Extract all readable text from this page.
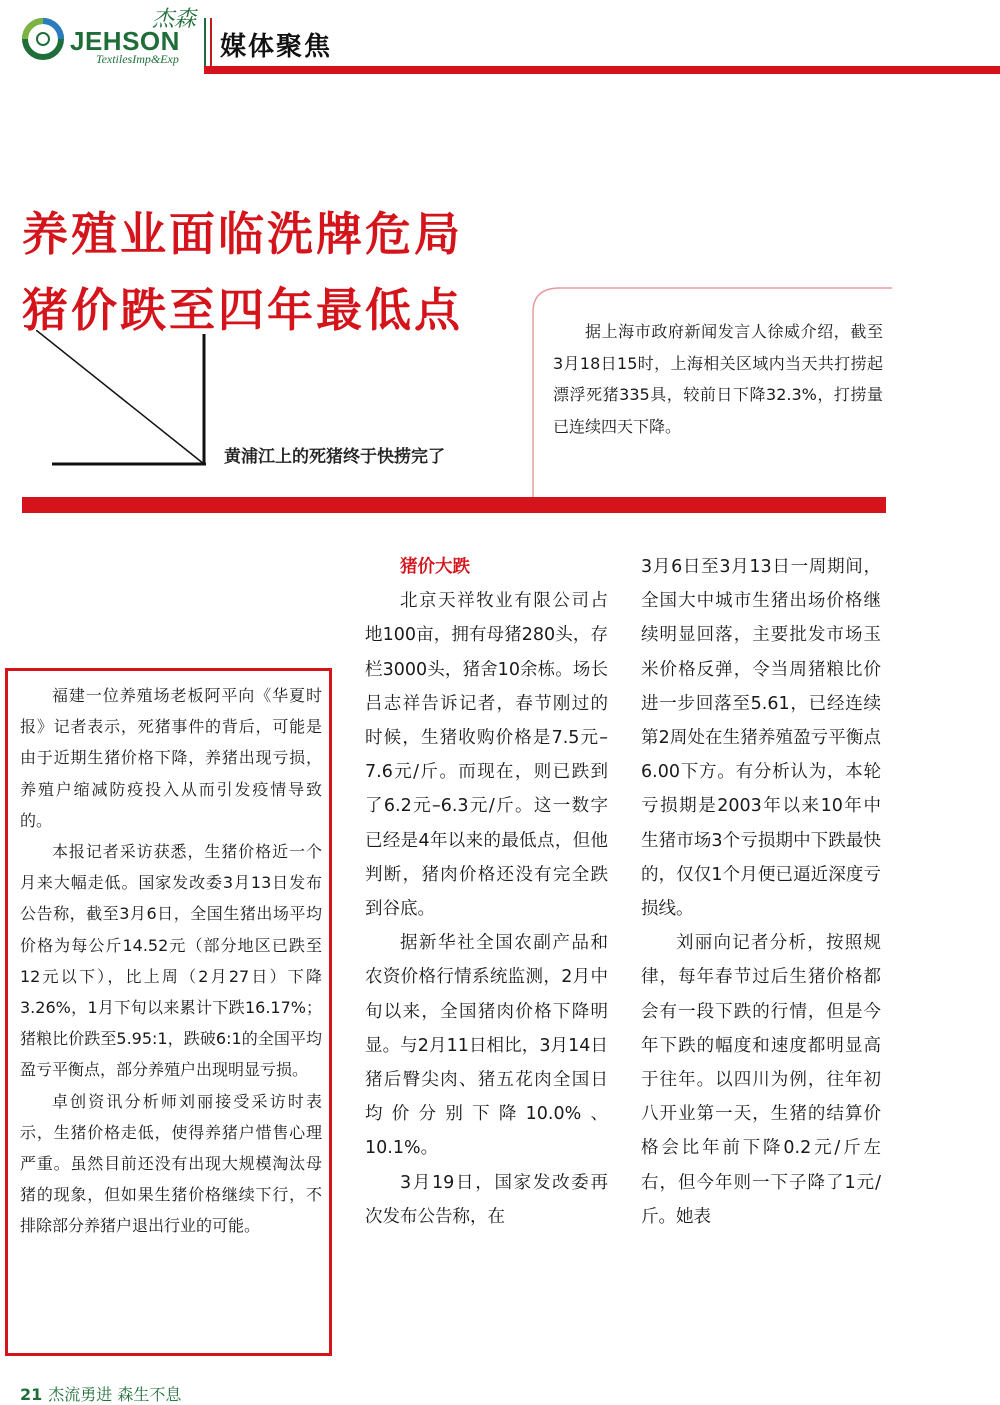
JEHSON
杰森
TextilesImp&Exp 媒体聚焦
养殖业面临洗牌危局
猪价跌至四年最低点
黄浦江上的死猪终于快捞完了
据上海市政府新闻发言人徐威介绍，截至3月18日15时，上海相关区域内当天共打捞起漂浮死猪335具，较前日下降32.3%，打捞量已连续四天下降。

福建一位养殖场老板阿平向《华夏时报》记者表示，死猪事件的背后，可能是由于近期生猪价格下降，养猪出现亏损，养殖户缩减防疫投入从而引发疫情导致的。

本报记者采访获悉，生猪价格近一个月来大幅走低。国家发改委3月13日发布公告称，截至3月6日，全国生猪出场平均价格为每公斤14.52元（部分地区已跌至12元以下），比上周（2月27日）下降3.26%，1月下旬以来累计下跌16.17%；猪粮比价跌至5.95:1，跌破6:1的全国平均盈亏平衡点，部分养殖户出现明显亏损。

卓创资讯分析师刘丽接受采访时表示，生猪价格走低，使得养猪户惜售心理严重。虽然目前还没有出现大规模淘汰母猪的现象，但如果生猪价格继续下行，不排除部分养猪户退出行业的可能。

猪价大跌

北京天祥牧业有限公司占地100亩，拥有母猪280头，存栏3000头，猪舍10余栋。场长吕志祥告诉记者，春节刚过的时候，生猪收购价格是7.5元–7.6元/斤。而现在，则已跌到了6.2元–6.3元/斤。这一数字已经是4年以来的最低点，但他判断，猪肉价格还没有完全跌到谷底。

据新华社全国农副产品和农资价格行情系统监测，2月中旬以来，全国猪肉价格下降明显。与2月11日相比，3月14日猪后臀尖肉、猪五花肉全国日均价分别下降10.0%、10.1%。

3月19日，国家发改委再次发布公告称，在

3月6日至3月13日一周期间，全国大中城市生猪出场价格继续明显回落，主要批发市场玉米价格反弹，令当周猪粮比价进一步回落至5.61，已经连续第2周处在生猪养殖盈亏平衡点6.00下方。有分析认为，本轮亏损期是2003年以来10年中生猪市场3个亏损期中下跌最快的，仅仅1个月便已逼近深度亏损线。

刘丽向记者分析，按照规律，每年春节过后生猪价格都会有一段下跌的行情，但是今年下跌的幅度和速度都明显高于往年。以四川为例，往年初八开业第一天，生猪的结算价格会比年前下降0.2元/斤左右，但今年则一下子降了1元/斤。她表

21 杰流勇进 森生不息
